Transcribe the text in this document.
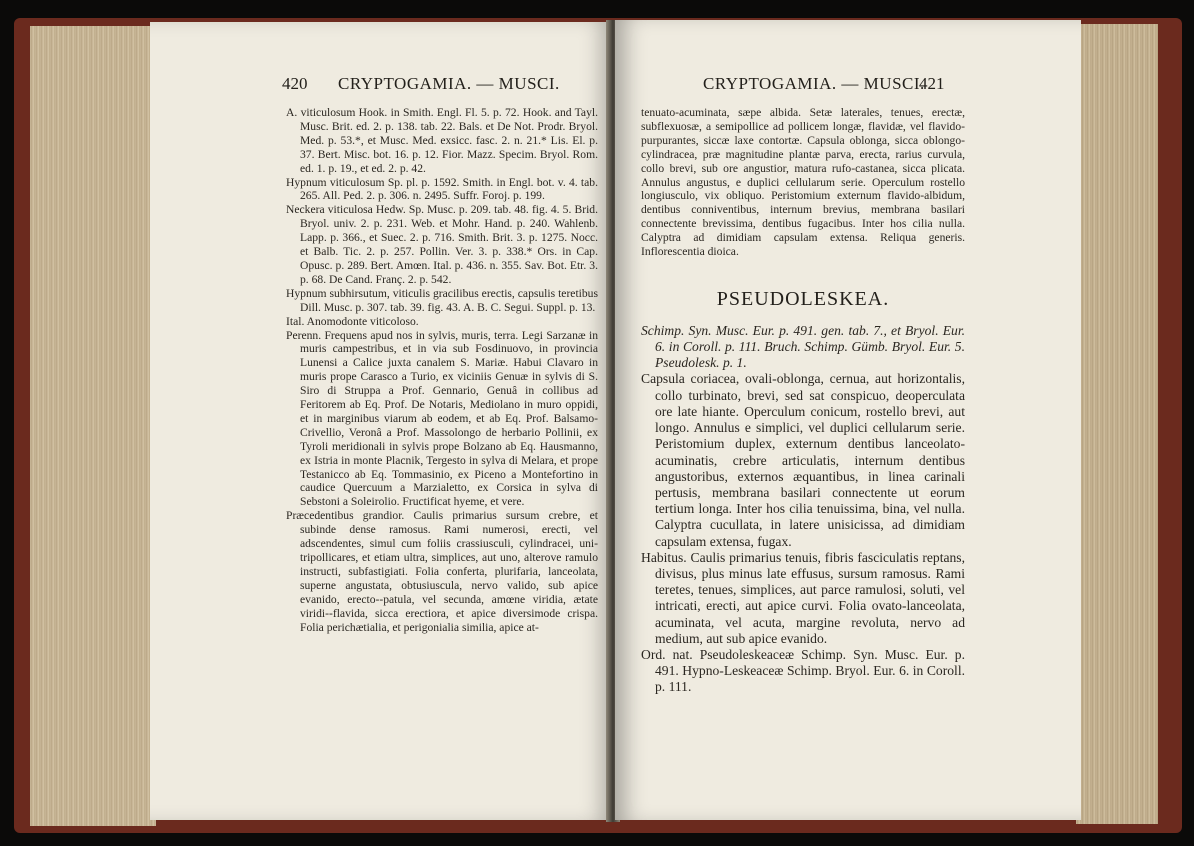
420 CRYPTOGAMIA. — MUSCI.

A. viticulosum Hook. in Smith. Engl. Fl. 5. p. 72. Hook. and Tayl. Musc. Brit. ed. 2. p. 138. tab. 22. Bals. et De Not. Prodr. Bryol. Med. p. 53.*, et Musc. Med. exsicc. fasc. 2. n. 21.* Lis. El. p. 37. Bert. Misc. bot. 16. p. 12. Fior. Mazz. Specim. Bryol. Rom. ed. 1. p. 19., et ed. 2. p. 42.

Hypnum viticulosum Sp. pl. p. 1592. Smith. in Engl. bot. v. 4. tab. 265. All. Ped. 2. p. 306. n. 2495. Suffr. Foroj. p. 199.

Neckera viticulosa Hedw. Sp. Musc. p. 209. tab. 48. fig. 4. 5. Brid. Bryol. univ. 2. p. 231. Web. et Mohr. Hand. p. 240. Wahlenb. Lapp. p. 366., et Suec. 2. p. 716. Smith. Brit. 3. p. 1275. Nocc. et Balb. Tic. 2. p. 257. Pollin. Ver. 3. p. 338.* Ors. in Cap. Opusc. p. 289. Bert. Amœn. Ital. p. 436. n. 355. Sav. Bot. Etr. 3. p. 68. De Cand. Franç. 2. p. 542.

Hypnum subhirsutum, viticulis gracilibus erectis, capsulis teretibus Dill. Musc. p. 307. tab. 39. fig. 43. A. B. C. Segui. Suppl. p. 13.

Ital. Anomodonte viticoloso.

Perenn. Frequens apud nos in sylvis, muris, terra. Legi Sarzanæ in muris campestribus, et in via sub Fosdinuovo, in provincia Lunensi a Calice juxta canalem S. Mariæ. Habui Clavaro in muris prope Carasco a Turio, ex viciniis Genuæ in sylvis di S. Siro di Struppa a Prof. Gennario, Genuâ in collibus ad Feritorem ab Eq. Prof. De Notaris, Mediolano in muro oppidi, et in marginibus viarum ab eodem, et ab Eq. Prof. Balsamo-Crivellio, Veronâ a Prof. Massolongo de herbario Pollinii, ex Tyroli meridionali in sylvis prope Bolzano ab Eq. Hausmanno, ex Istria in monte Placnik, Tergesto in sylva di Melara, et prope Testanicco ab Eq. Tommasinio, ex Piceno a Montefortino in caudice Quercuum a Marzialetto, ex Corsica in sylva di Sebstoni a Soleirolio. Fructificat hyeme, et vere.

Præcedentibus grandior. Caulis primarius sursum crebre, et subinde dense ramosus. Rami numerosi, erecti, vel adscendentes, simul cum foliis crassiusculi, cylindracei, uni-tripollicares, et etiam ultra, simplices, aut uno, alterove ramulo instructi, subfastigiati. Folia conferta, plurifaria, lanceolata, superne angustata, obtusiuscula, nervo valido, sub apice evanido, erecto--patula, vel secunda, amœne viridia, ætate viridi--flavida, sicca erectiora, et apice diversimode crispa. Folia perichætialia, et perigonialia similia, apice at-

CRYPTOGAMIA. — MUSCI.
421

tenuato-acuminata, sæpe albida. Setæ laterales, tenues, erectæ, subflexuosæ, a semipollice ad pollicem longæ, flavidæ, vel flavido-purpurantes, siccæ laxe contortæ. Capsula oblonga, sicca oblongo-cylindracea, præ magnitudine plantæ parva, erecta, rarius curvula, collo brevi, sub ore angustior, matura rufo-castanea, sicca plicata. Annulus angustus, e duplici cellularum serie. Operculum rostello longiusculo, vix obliquo. Peristomium externum flavido-albidum, dentibus conniventibus, internum brevius, membrana basilari connectente brevissima, dentibus fugacibus. Inter hos cilia nulla. Calyptra ad dimidiam capsulam extensa. Reliqua generis. Inflorescentia dioica.

PSEUDOLESKEA.

Schimp. Syn. Musc. Eur. p. 491. gen. tab. 7., et Bryol. Eur. 6. in Coroll. p. 111. Bruch. Schimp. Gümb. Bryol. Eur. 5. Pseudolesk. p. 1.

Capsula coriacea, ovali-oblonga, cernua, aut horizontalis, collo turbinato, brevi, sed sat conspicuo, deoperculata ore late hiante. Operculum conicum, rostello brevi, aut longo. Annulus e simplici, vel duplici cellularum serie. Peristomium duplex, externum dentibus lanceolato-acuminatis, crebre articulatis, internum dentibus angustoribus, externos æquantibus, in linea carinali pertusis, membrana basilari connectente ut eorum tertium longa. Inter hos cilia tenuissima, bina, vel nulla. Calyptra cucullata, in latere unisicissa, ad dimidiam capsulam extensa, fugax.

Habitus. Caulis primarius tenuis, fibris fasciculatis reptans, divisus, plus minus late effusus, sursum ramosus. Rami teretes, tenues, simplices, aut parce ramulosi, soluti, vel intricati, erecti, aut apice curvi. Folia ovato-lanceolata, acuminata, vel acuta, margine revoluta, nervo ad medium, aut sub apice evanido.

Ord. nat. Pseudoleskeaceæ Schimp. Syn. Musc. Eur. p. 491. Hypno-Leskeaceæ Schimp. Bryol. Eur. 6. in Coroll. p. 111.
